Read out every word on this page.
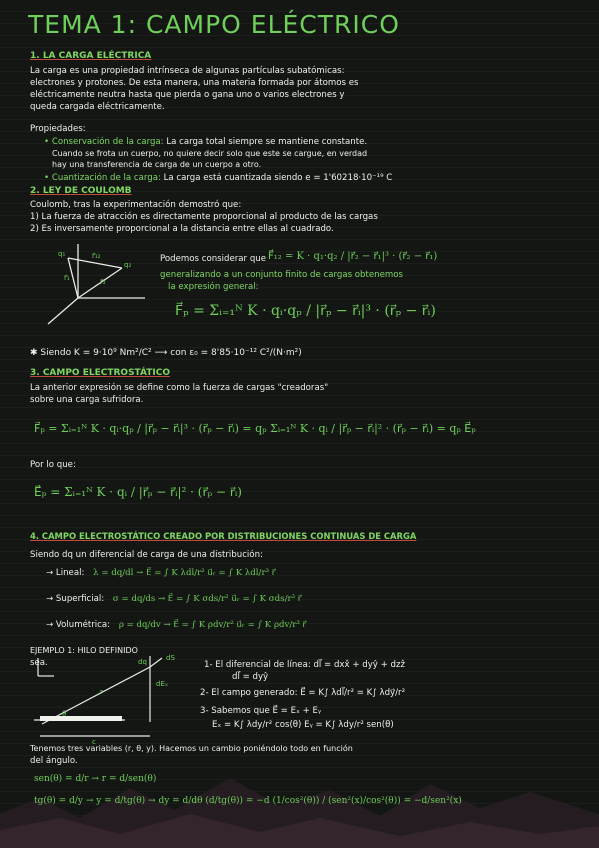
TEMA 1: CAMPO ELÉCTRICO
1. LA CARGA ELÉCTRICA
La carga es una propiedad intrínseca de algunas partículas subatómicas:
electrones y protones. De esta manera, una materia formada por átomos es
eléctricamente neutra hasta que pierda o gana uno o varios electrones y
queda cargada eléctricamente.
Propiedades:
• Conservación de la carga: La carga total siempre se mantiene constante.
Cuando se frota un cuerpo, no quiere decir solo que este se cargue, en verdad
hay una transferencia de carga de un cuerpo a otro.
• Cuantización de la carga: La carga está cuantizada siendo e = 1'60218·10⁻¹⁹ C
2. LEY DE COULOMB
Coulomb, tras la experimentación demostró que:
1) La fuerza de atracción es directamente proporcional al producto de las cargas
2) Es inversamente proporcional a la distancia entre ellas al cuadrado.
q₁
q₂
r⃗₁	r⃗₂
r⃗₁₂	Podemos considerar que F⃗₁₂ = K · q₁·q₂ / |r⃗₂ − r⃗₁|³ · (r⃗₂ − r⃗₁)
generalizando a un conjunto finito de cargas obtenemos
la expresión general:
F⃗ₚ = Σᵢ₌₁ᴺ K · qᵢ·qₚ / |r⃗ₚ − r⃗ᵢ|³ · (r⃗ₚ − r⃗ᵢ)
✱ Siendo K = 9·10⁹ Nm²/C² ⟶ con ε₀ = 8'85·10⁻¹² C²/(N·m²)
3. CAMPO ELECTROSTÁTICO
La anterior expresión se define como la fuerza de cargas "creadoras"
sobre una carga sufridora.
F⃗ₚ = Σᵢ₌₁ᴺ K · qᵢ·qₚ / |r⃗ₚ − r⃗ᵢ|³ · (r⃗ₚ − r⃗ᵢ) = qₚ Σᵢ₌₁ᴺ K · qᵢ / |r⃗ₚ − r⃗ᵢ|² · (r⃗ₚ − r⃗ᵢ) = qₚ E⃗ₚ
Por lo que:
E⃗ₚ = Σᵢ₌₁ᴺ K · qᵢ / |r⃗ₚ − r⃗ᵢ|² · (r⃗ₚ − r⃗ᵢ)
4. CAMPO ELECTROSTÁTICO CREADO POR DISTRIBUCIONES CONTINUAS DE CARGA
Siendo dq un diferencial de carga de una distribución:
→ Lineal: λ = dq/dl → E⃗ = ∫ K λdl/r² u⃗ᵣ = ∫ K λdl/r³ r⃗
→ Superficial: σ = dq/ds → E⃗ = ∫ K σds/r² u⃗ᵣ = ∫ K σds/r³ r⃗
→ Volumétrica: ρ = dq/dv → E⃗ = ∫ K ρdv/r² u⃗ᵣ = ∫ K ρdv/r³ r⃗
EJEMPLO 1: HILO DEFINIDO
sea.	dq	dS
dEₓ
r
θ
c
1- El diferencial de línea: dl⃗ = dxx̂ + dyŷ + dzẑ
dl⃗ = dyŷ
2- El campo generado: E⃗ = K∫ λdl⃗/r² = K∫ λdy⃗/r²
3- Sabemos que E⃗ = Eₓ + Eᵧ
Eₓ = K∫ λdy/r² cos(θ) Eᵧ = K∫ λdy/r² sen(θ)
Tenemos tres variables (r, θ, y). Hacemos un cambio poniéndolo todo en función
del ángulo.
sen(θ) = d/r → r = d/sen(θ)
tg(θ) = d/y → y = d/tg(θ) → dy = d/dθ (d/tg(θ)) = −d (1/cos²(θ)) / (sen²(x)/cos²(θ)) = −d/sen²(x)
